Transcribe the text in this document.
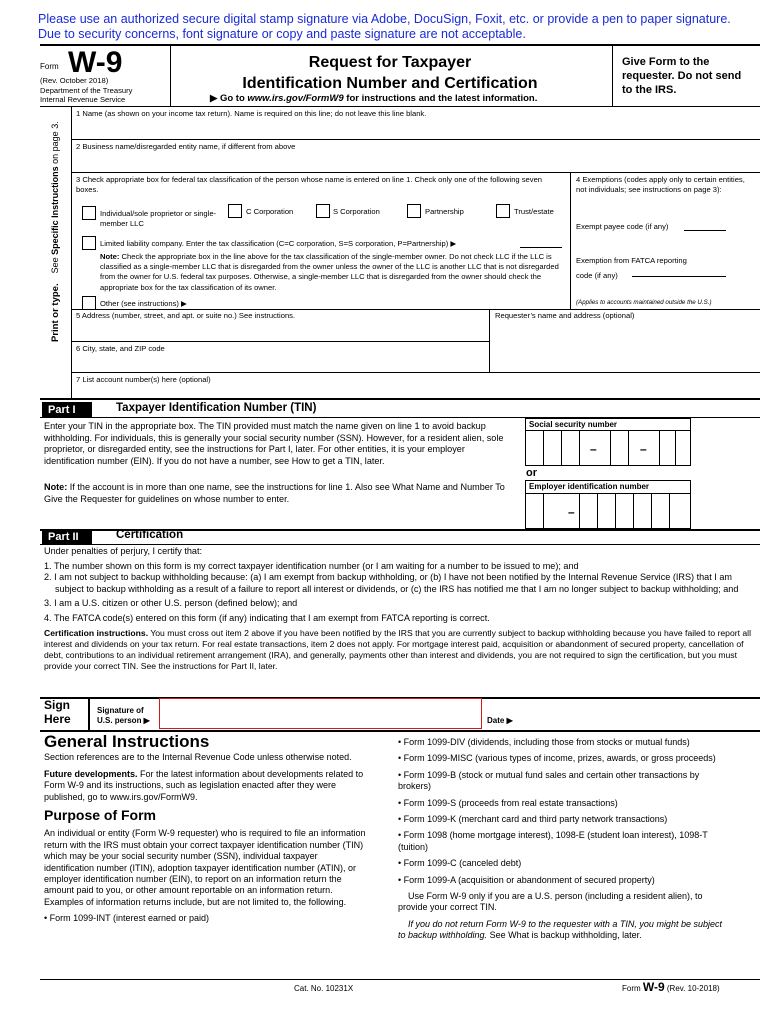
Please use an authorized secure digital stamp signature via Adobe, DocuSign, Foxit, etc. or provide a pen to paper signature.
Due to security concerns, font signature or copy and paste signature are not acceptable.
Form W-9
(Rev. October 2018)
Department of the Treasury
Internal Revenue Service
Request for Taxpayer
Identification Number and Certification
▶ Go to www.irs.gov/FormW9 for instructions and the latest information.
Give Form to the requester. Do not send to the IRS.
Print or type.    See Specific Instructions on page 3.
1 Name (as shown on your income tax return). Name is required on this line; do not leave this line blank.
2 Business name/disregarded entity name, if different from above
3 Check appropriate box for federal tax classification of the person whose name is entered on line 1. Check only one of the following seven boxes.
Individual/sole proprietor or single-member LLC
C Corporation	S Corporation	Partnership	Trust/estate
Limited liability company. Enter the tax classification (C=C corporation, S=S corporation, P=Partnership) ▶
Note: Check the appropriate box in the line above for the tax classification of the single-member owner. Do not check LLC if the LLC is classified as a single-member LLC that is disregarded from the owner unless the owner of the LLC is another LLC that is not disregarded from the owner for U.S. federal tax purposes. Otherwise, a single-member LLC that is disregarded from the owner should check the appropriate box for the tax classification of its owner.
Other (see instructions) ▶
4 Exemptions (codes apply only to certain entities, not individuals; see instructions on page 3):
Exempt payee code (if any)
Exemption from FATCA reporting
code (if any)
(Applies to accounts maintained outside the U.S.)
5 Address (number, street, and apt. or suite no.) See instructions.	Requester’s name and address (optional)
6 City, state, and ZIP code
7 List account number(s) here (optional)
Part I	Taxpayer Identification Number (TIN)
Enter your TIN in the appropriate box. The TIN provided must match the name given on line 1 to avoid backup withholding. For individuals, this is generally your social security number (SSN). However, for a resident alien, sole proprietor, or disregarded entity, see the instructions for Part I, later. For other entities, it is your employer identification number (EIN). If you do not have a number, see How to get a TIN, later.
Note: If the account is in more than one name, see the instructions for line 1. Also see What Name and Number To Give the Requester for guidelines on whose number to enter.
Social security number
–	–
or
Employer identification number
–
Part II	Certification
Under penalties of perjury, I certify that:
1. The number shown on this form is my correct taxpayer identification number (or I am waiting for a number to be issued to me); and
2. I am not subject to backup withholding because: (a) I am exempt from backup withholding, or (b) I have not been notified by the Internal Revenue Service (IRS) that I am subject to backup withholding as a result of a failure to report all interest or dividends, or (c) the IRS has notified me that I am no longer subject to backup withholding; and
3. I am a U.S. citizen or other U.S. person (defined below); and
4. The FATCA code(s) entered on this form (if any) indicating that I am exempt from FATCA reporting is correct.
Certification instructions. You must cross out item 2 above if you have been notified by the IRS that you are currently subject to backup withholding because you have failed to report all interest and dividends on your tax return. For real estate transactions, item 2 does not apply. For mortgage interest paid, acquisition or abandonment of secured property, cancellation of debt, contributions to an individual retirement arrangement (IRA), and generally, payments other than interest and dividends, you are not required to sign the certification, but you must provide your correct TIN. See the instructions for Part II, later.
Sign
Here
Signature of
U.S. person ▶	Date ▶
General Instructions

Section references are to the Internal Revenue Code unless otherwise noted.

Future developments. For the latest information about developments related to Form W-9 and its instructions, such as legislation enacted after they were published, go to www.irs.gov/FormW9.

Purpose of Form

An individual or entity (Form W-9 requester) who is required to file an information return with the IRS must obtain your correct taxpayer identification number (TIN) which may be your social security number (SSN), individual taxpayer identification number (ITIN), adoption taxpayer identification number (ATIN), or employer identification number (EIN), to report on an information return the amount paid to you, or other amount reportable on an information return. Examples of information returns include, but are not limited to, the following.

• Form 1099-INT (interest earned or paid)

• Form 1099-DIV (dividends, including those from stocks or mutual funds)

• Form 1099-MISC (various types of income, prizes, awards, or gross proceeds)

• Form 1099-B (stock or mutual fund sales and certain other transactions by brokers)

• Form 1099-S (proceeds from real estate transactions)

• Form 1099-K (merchant card and third party network transactions)

• Form 1098 (home mortgage interest), 1098-E (student loan interest), 1098-T (tuition)

• Form 1099-C (canceled debt)

• Form 1099-A (acquisition or abandonment of secured property)

Use Form W-9 only if you are a U.S. person (including a resident alien), to provide your correct TIN.

If you do not return Form W-9 to the requester with a TIN, you might be subject to backup withholding. See What is backup withholding, later.

Cat. No. 10231X	Form W-9 (Rev. 10-2018)
